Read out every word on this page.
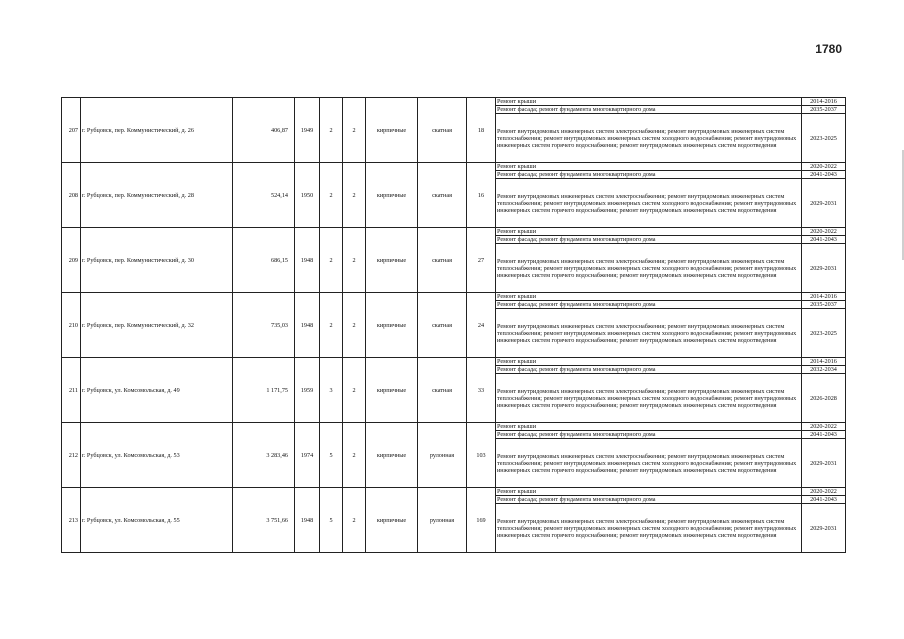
1780
207	г. Рубцовск, пер. Коммунистический, д. 26	406,87	1949	2	2	кирпичные	скатная	18	Ремонт крыши	2014-2016
									Ремонт фасада; ремонт фундамента многоквартирного дома	2035-2037
									Ремонт внутридомовых инженерных систем электроснабжения; ремонт внутридомовых инженерных систем теплоснабжения; ремонт внутридомовых инженерных систем холодного водоснабжения; ремонт внутридомовых инженерных систем горячего водоснабжения; ремонт внутридомовых инженерных систем водоотведения	2023-2025
208	г. Рубцовск, пер. Коммунистический, д. 28	524,14	1950	2	2	кирпичные	скатная	16	Ремонт крыши	2020-2022
									Ремонт фасада; ремонт фундамента многоквартирного дома	2041-2043
									Ремонт внутридомовых инженерных систем электроснабжения; ремонт внутридомовых инженерных систем теплоснабжения; ремонт внутридомовых инженерных систем холодного водоснабжения; ремонт внутридомовых инженерных систем горячего водоснабжения; ремонт внутридомовых инженерных систем водоотведения	2029-2031
209	г. Рубцовск, пер. Коммунистический, д. 30	686,15	1948	2	2	кирпичные	скатная	27	Ремонт крыши	2020-2022
									Ремонт фасада; ремонт фундамента многоквартирного дома	2041-2043
									Ремонт внутридомовых инженерных систем электроснабжения; ремонт внутридомовых инженерных систем теплоснабжения; ремонт внутридомовых инженерных систем холодного водоснабжения; ремонт внутридомовых инженерных систем горячего водоснабжения; ремонт внутридомовых инженерных систем водоотведения	2029-2031
210	г. Рубцовск, пер. Коммунистический, д. 32	735,03	1948	2	2	кирпичные	скатная	24	Ремонт крыши	2014-2016
									Ремонт фасада; ремонт фундамента многоквартирного дома	2035-2037
									Ремонт внутридомовых инженерных систем электроснабжения; ремонт внутридомовых инженерных систем теплоснабжения; ремонт внутридомовых инженерных систем холодного водоснабжения; ремонт внутридомовых инженерных систем горячего водоснабжения; ремонт внутридомовых инженерных систем водоотведения	2023-2025
211	г. Рубцовск, ул. Комсомольская, д. 49	1 171,75	1959	3	2	кирпичные	скатная	33	Ремонт крыши	2014-2016
									Ремонт фасада; ремонт фундамента многоквартирного дома	2032-2034
									Ремонт внутридомовых инженерных систем электроснабжения; ремонт внутридомовых инженерных систем теплоснабжения; ремонт внутридомовых инженерных систем холодного водоснабжения; ремонт внутридомовых инженерных систем горячего водоснабжения; ремонт внутридомовых инженерных систем водоотведения	2026-2028
212	г. Рубцовск, ул. Комсомольская, д. 53	3 283,46	1974	5	2	кирпичные	рулонная	103	Ремонт крыши	2020-2022
									Ремонт фасада; ремонт фундамента многоквартирного дома	2041-2043
									Ремонт внутридомовых инженерных систем электроснабжения; ремонт внутридомовых инженерных систем теплоснабжения; ремонт внутридомовых инженерных систем холодного водоснабжения; ремонт внутридомовых инженерных систем горячего водоснабжения; ремонт внутридомовых инженерных систем водоотведения	2029-2031
213	г. Рубцовск, ул. Комсомольская, д. 55	3 751,66	1948	5	2	кирпичные	рулонная	169	Ремонт крыши	2020-2022
									Ремонт фасада; ремонт фундамента многоквартирного дома	2041-2043
									Ремонт внутридомовых инженерных систем электроснабжения; ремонт внутридомовых инженерных систем теплоснабжения; ремонт внутридомовых инженерных систем холодного водоснабжения; ремонт внутридомовых инженерных систем горячего водоснабжения; ремонт внутридомовых инженерных систем водоотведения	2029-2031
